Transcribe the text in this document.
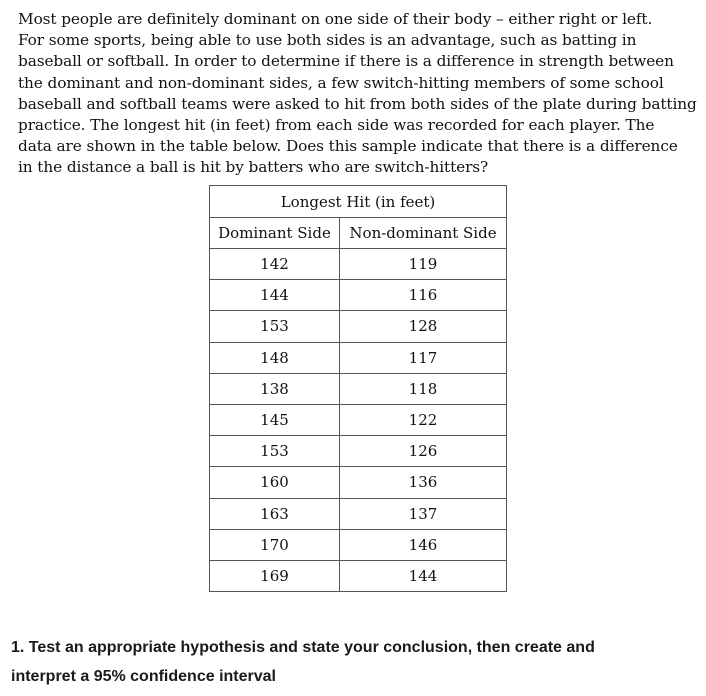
Most people are definitely dominant on one side of their body – either right or left.
For some sports, being able to use both sides is an advantage, such as batting in
baseball or softball. In order to determine if there is a difference in strength between
the dominant and non-dominant sides, a few switch-hitting members of some school
baseball and softball teams were asked to hit from both sides of the plate during batting
practice. The longest hit (in feet) from each side was recorded for each player. The
data are shown in the table below. Does this sample indicate that there is a difference
in the distance a ball is hit by batters who are switch-hitters?
Longest Hit (in feet)	
Dominant Side	Non-dominant Side
142	119
144	116
153	128
148	117
138	118
145	122
153	126
160	136
163	137
170	146
169	144
1. Test an appropriate hypothesis and state your conclusion, then create and
interpret a 95% confidence interval
